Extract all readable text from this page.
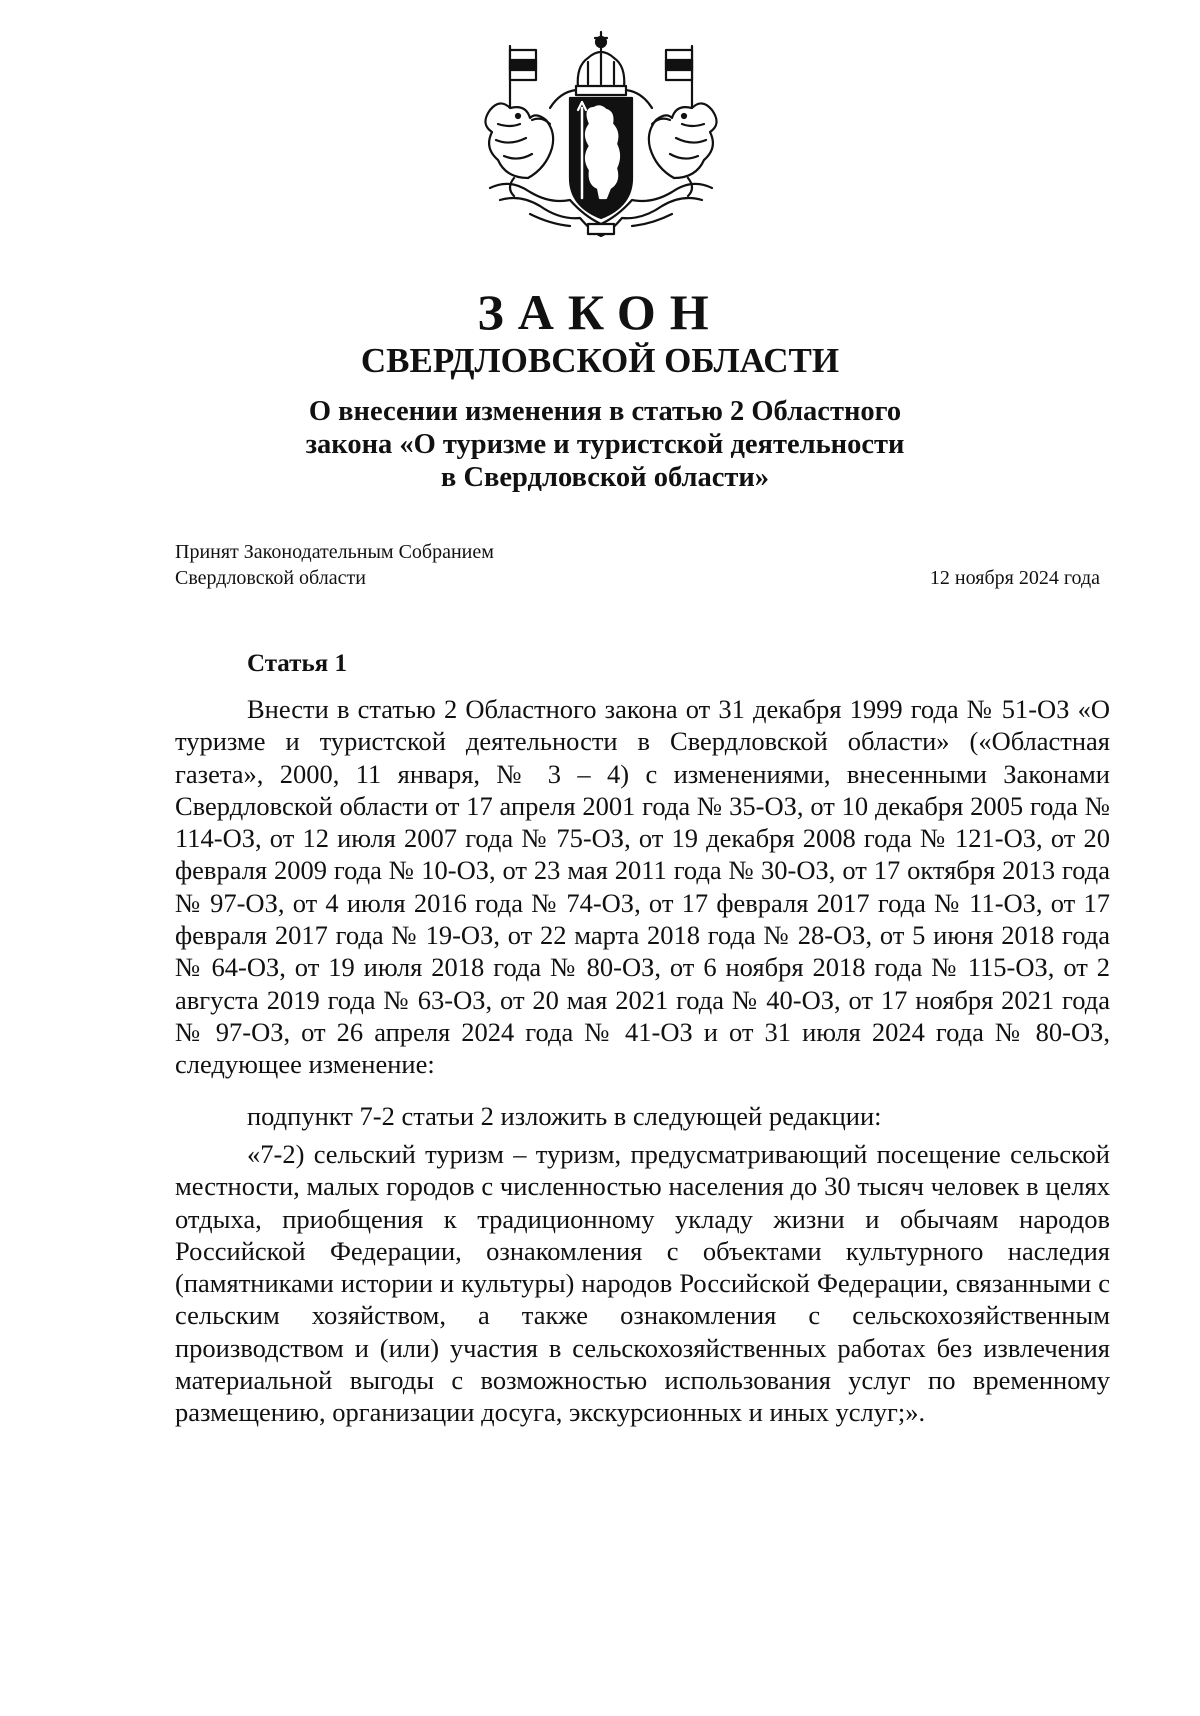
ЗАКОН
СВЕРДЛОВСКОЙ ОБЛАСТИ
О внесении изменения в статью 2 Областного
закона «О туризме и туристской деятельности
в Свердловской области»
Принят Законодательным Собранием
Свердловской области	12 ноября 2024 года
Статья 1

Внести в статью 2 Областного закона от 31 декабря 1999 года № 51-ОЗ «О туризме и туристской деятельности в Свердловской области» («Областная газета», 2000, 11 января, № 3 – 4) с изменениями, внесенными Законами Свердловской области от 17 апреля 2001 года № 35-ОЗ, от 10 декабря 2005 года № 114-ОЗ, от 12 июля 2007 года № 75-ОЗ, от 19 декабря 2008 года № 121-ОЗ, от 20 февраля 2009 года № 10-ОЗ, от 23 мая 2011 года № 30-ОЗ, от 17 октября 2013 года № 97-ОЗ, от 4 июля 2016 года № 74-ОЗ, от 17 февраля 2017 года № 11-ОЗ, от 17 февраля 2017 года № 19-ОЗ, от 22 марта 2018 года № 28-ОЗ, от 5 июня 2018 года № 64-ОЗ, от 19 июля 2018 года № 80-ОЗ, от 6 ноября 2018 года № 115-ОЗ, от 2 августа 2019 года № 63-ОЗ, от 20 мая 2021 года № 40-ОЗ, от 17 ноября 2021 года № 97-ОЗ, от 26 апреля 2024 года № 41-ОЗ и от 31 июля 2024 года № 80-ОЗ, следующее изменение:

подпункт 7-2 статьи 2 изложить в следующей редакции:

«7-2) сельский туризм – туризм, предусматривающий посещение сельской местности, малых городов с численностью населения до 30 тысяч человек в целях отдыха, приобщения к традиционному укладу жизни и обычаям народов Российской Федерации, ознакомления с объектами культурного наследия (памятниками истории и культуры) народов Российской Федерации, связанными с сельским хозяйством, а также ознакомления с сельскохозяйственным производством и (или) участия в сельскохозяйственных работах без извлечения материальной выгоды с возможностью использования услуг по временному размещению, организации досуга, экскурсионных и иных услуг;».
